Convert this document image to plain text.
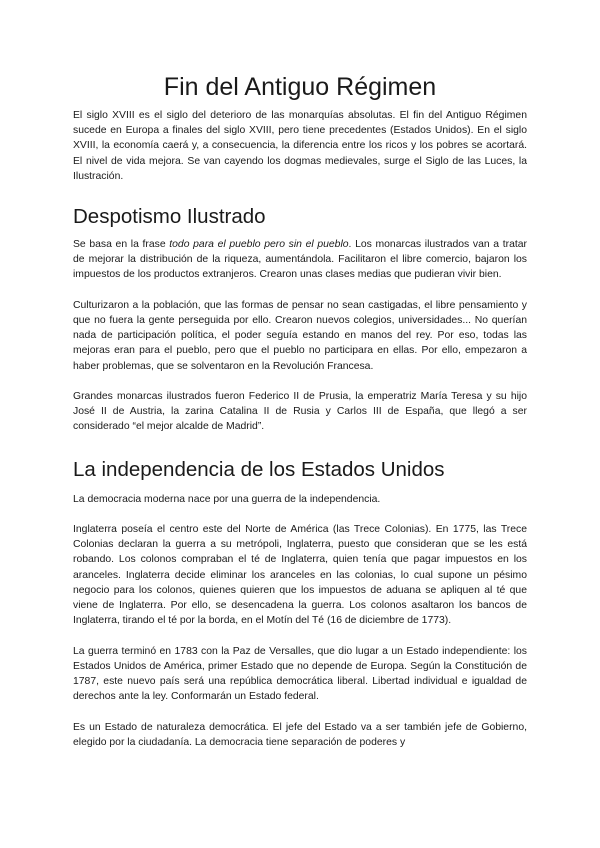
Fin del Antiguo Régimen

El siglo XVIII es el siglo del deterioro de las monarquías absolutas. El fin del Antiguo Régimen sucede en Europa a finales del siglo XVIII, pero tiene precedentes (Estados Unidos). En el siglo XVIII, la economía caerá y, a consecuencia, la diferencia entre los ricos y los pobres se acortará. El nivel de vida mejora. Se van cayendo los dogmas medievales, surge el Siglo de las Luces, la Ilustración.

Despotismo Ilustrado

Se basa en la frase todo para el pueblo pero sin el pueblo. Los monarcas ilustrados van a tratar de mejorar la distribución de la riqueza, aumentándola. Facilitaron el libre comercio, bajaron los impuestos de los productos extranjeros. Crearon unas clases medias que pudieran vivir bien.

Culturizaron a la población, que las formas de pensar no sean castigadas, el libre pensamiento y que no fuera la gente perseguida por ello. Crearon nuevos colegios, universidades... No querían nada de participación política, el poder seguía estando en manos del rey. Por eso, todas las mejoras eran para el pueblo, pero que el pueblo no participara en ellas. Por ello, empezaron a haber problemas, que se solventaron en la Revolución Francesa.

Grandes monarcas ilustrados fueron Federico II de Prusia, la emperatriz María Teresa y su hijo José II de Austria, la zarina Catalina II de Rusia y Carlos III de España, que llegó a ser considerado “el mejor alcalde de Madrid”.

La independencia de los Estados Unidos

La democracia moderna nace por una guerra de la independencia.

Inglaterra poseía el centro este del Norte de América (las Trece Colonias). En 1775, las Trece Colonias declaran la guerra a su metrópoli, Inglaterra, puesto que consideran que se les está robando. Los colonos compraban el té de Inglaterra, quien tenía que pagar impuestos en los aranceles. Inglaterra decide eliminar los aranceles en las colonias, lo cual supone un pésimo negocio para los colonos, quienes quieren que los impuestos de aduana se apliquen al té que viene de Inglaterra. Por ello, se desencadena la guerra. Los colonos asaltaron los bancos de Inglaterra, tirando el té por la borda, en el Motín del Té (16 de diciembre de 1773).

La guerra terminó en 1783 con la Paz de Versalles, que dio lugar a un Estado independiente: los Estados Unidos de América, primer Estado que no depende de Europa. Según la Constitución de 1787, este nuevo país será una república democrática liberal. Libertad individual e igualdad de derechos ante la ley. Conformarán un Estado federal.

Es un Estado de naturaleza democrática. El jefe del Estado va a ser también jefe de Gobierno, elegido por la ciudadanía. La democracia tiene separación de poderes y
